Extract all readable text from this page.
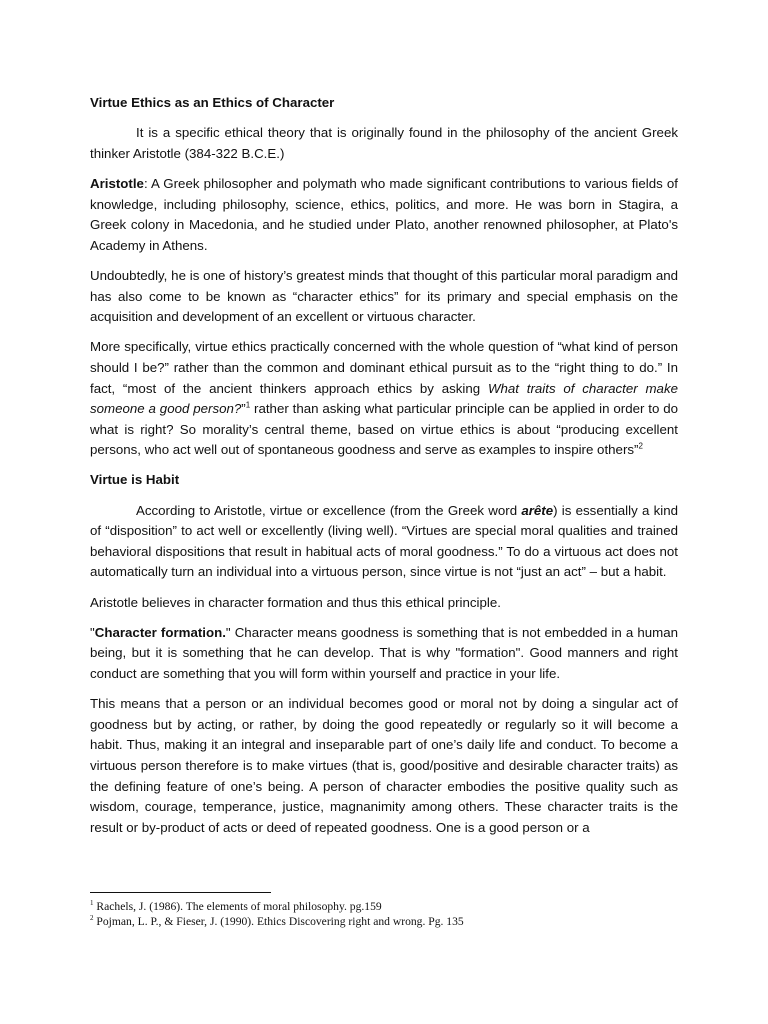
Virtue Ethics as an Ethics of Character

It is a specific ethical theory that is originally found in the philosophy of the ancient Greek thinker Aristotle (384-322 B.C.E.)

Aristotle: A Greek philosopher and polymath who made significant contributions to various fields of knowledge, including philosophy, science, ethics, politics, and more. He was born in Stagira, a Greek colony in Macedonia, and he studied under Plato, another renowned philosopher, at Plato's Academy in Athens.

Undoubtedly, he is one of history’s greatest minds that thought of this particular moral paradigm and has also come to be known as “character ethics” for its primary and special emphasis on the acquisition and development of an excellent or virtuous character.

More specifically, virtue ethics practically concerned with the whole question of “what kind of person should I be?” rather than the common and dominant ethical pursuit as to the “right thing to do.” In fact, “most of the ancient thinkers approach ethics by asking What traits of character make someone a good person?”$^1$ rather than asking what particular principle can be applied in order to do what is right? So morality’s central theme, based on virtue ethics is about “producing excellent persons, who act well out of spontaneous goodness and serve as examples to inspire others”$^2$

Virtue is Habit

According to Aristotle, virtue or excellence (from the Greek word arête) is essentially a kind of “disposition” to act well or excellently (living well). “Virtues are special moral qualities and trained behavioral dispositions that result in habitual acts of moral goodness.” To do a virtuous act does not automatically turn an individual into a virtuous person, since virtue is not “just an act” – but a habit.

Aristotle believes in character formation and thus this ethical principle.

"Character formation." Character means goodness is something that is not embedded in a human being, but it is something that he can develop. That is why "formation". Good manners and right conduct are something that you will form within yourself and practice in your life.

This means that a person or an individual becomes good or moral not by doing a singular act of goodness but by acting, or rather, by doing the good repeatedly or regularly so it will become a habit. Thus, making it an integral and inseparable part of one’s daily life and conduct. To become a virtuous person therefore is to make virtues (that is, good/positive and desirable character traits) as the defining feature of one’s being. A person of character embodies the positive quality such as wisdom, courage, temperance, justice, magnanimity among others. These character traits is the result or by-product of acts or deed of repeated goodness. One is a good person or a

$^1$ Rachels, J. (1986). The elements of moral philosophy. pg.159
$^2$ Pojman, L. P., & Fieser, J. (1990). Ethics Discovering right and wrong. Pg. 135
